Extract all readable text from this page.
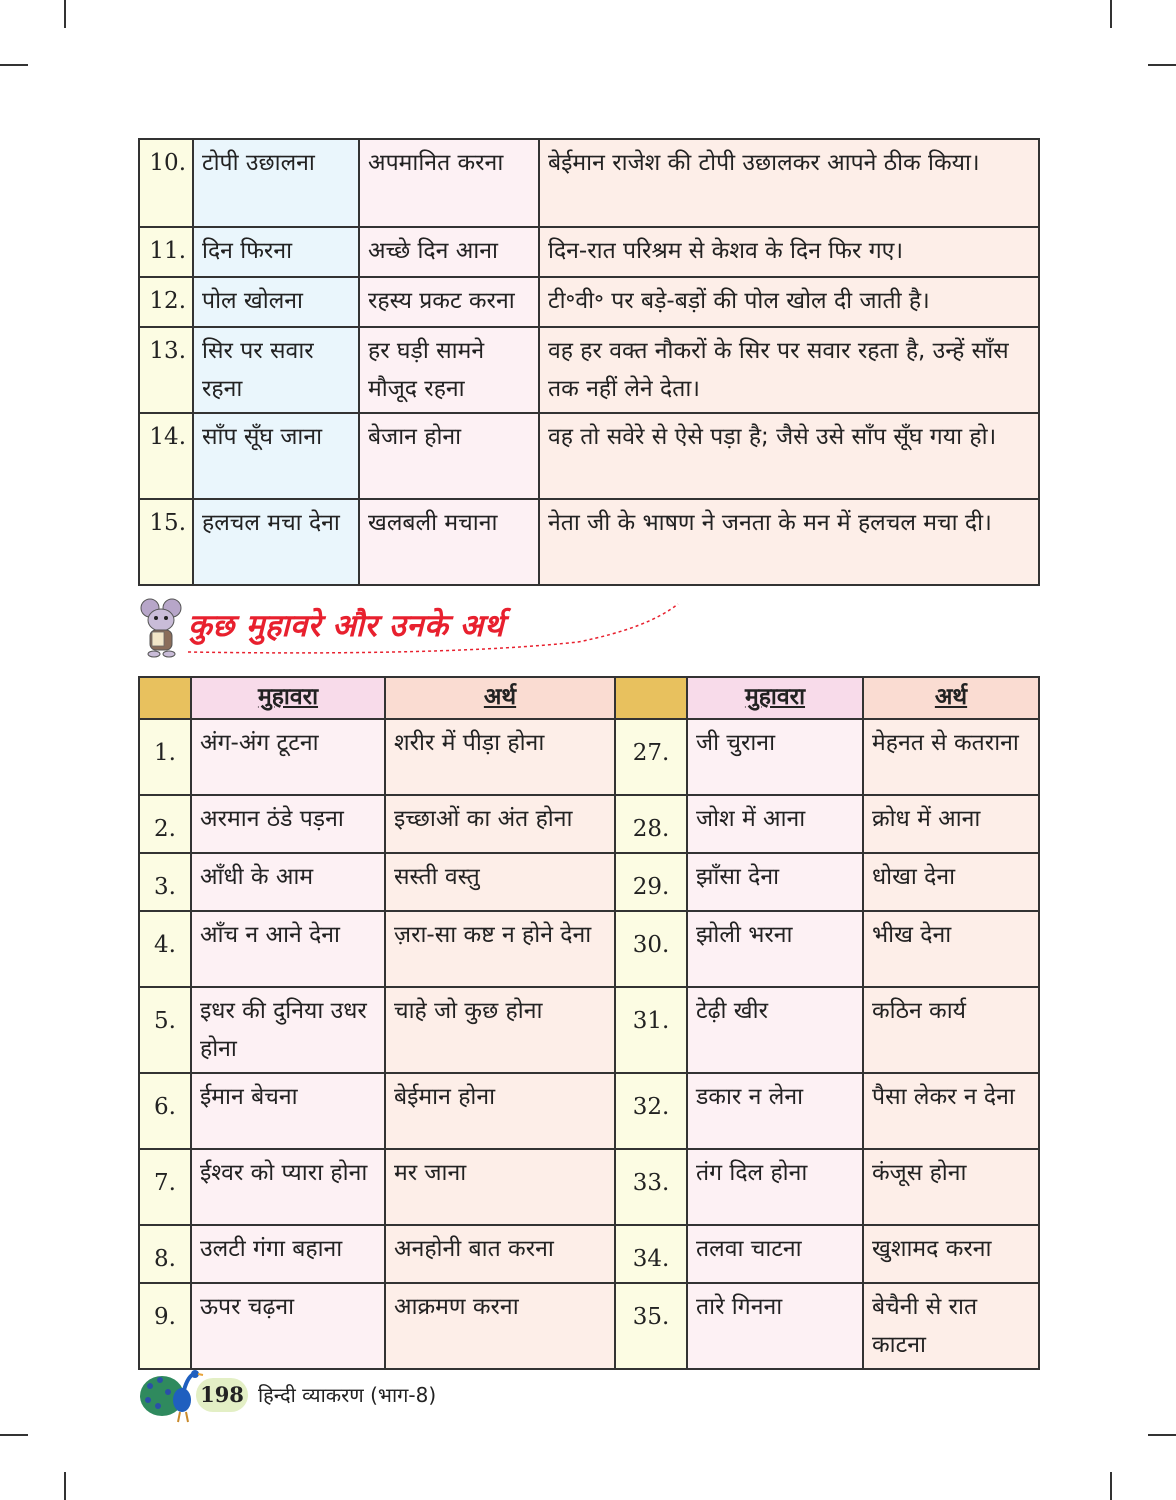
10.	टोपी उछालना	अपमानित करना	बेईमान राजेश की टोपी उछालकर आपने ठीक किया।
11.	दिन फिरना	अच्छे दिन आना	दिन-रात परिश्रम से केशव के दिन फिर गए।
12.	पोल खोलना	रहस्य प्रकट करना	टी॰वी॰ पर बड़े-बड़ों की पोल खोल दी जाती है।
13.	सिर पर सवार रहना	हर घड़ी सामने मौजूद रहना	वह हर वक्त नौकरों के सिर पर सवार रहता है, उन्हें साँस तक नहीं लेने देता।
14.	साँप सूँघ जाना	बेजान होना	वह तो सवेरे से ऐसे पड़ा है; जैसे उसे साँप सूँघ गया हो।
15.	हलचल मचा देना	खलबली मचाना	नेता जी के भाषण ने जनता के मन में हलचल मचा दी।
कुछ मुहावरे और उनके अर्थ
	मुहावरा	अर्थ		मुहावरा	अर्थ
1.	अंग-अंग टूटना	शरीर में पीड़ा होना	27.	जी चुराना	मेहनत से कतराना
2.	अरमान ठंडे पड़ना	इच्छाओं का अंत होना	28.	जोश में आना	क्रोध में आना
3.	आँधी के आम	सस्ती वस्तु	29.	झाँसा देना	धोखा देना
4.	आँच न आने देना	ज़रा-सा कष्ट न होने देना	30.	झोली भरना	भीख देना
5.	इधर की दुनिया उधर होना	चाहे जो कुछ होना	31.	टेढ़ी खीर	कठिन कार्य
6.	ईमान बेचना	बेईमान होना	32.	डकार न लेना	पैसा लेकर न देना
7.	ईश्वर को प्यारा होना	मर जाना	33.	तंग दिल होना	कंजूस होना
8.	उलटी गंगा बहाना	अनहोनी बात करना	34.	तलवा चाटना	खुशामद करना
9.	ऊपर चढ़ना	आक्रमण करना	35.	तारे गिनना	बेचैनी से रात काटना
198 हिन्दी व्याकरण (भाग-8)
